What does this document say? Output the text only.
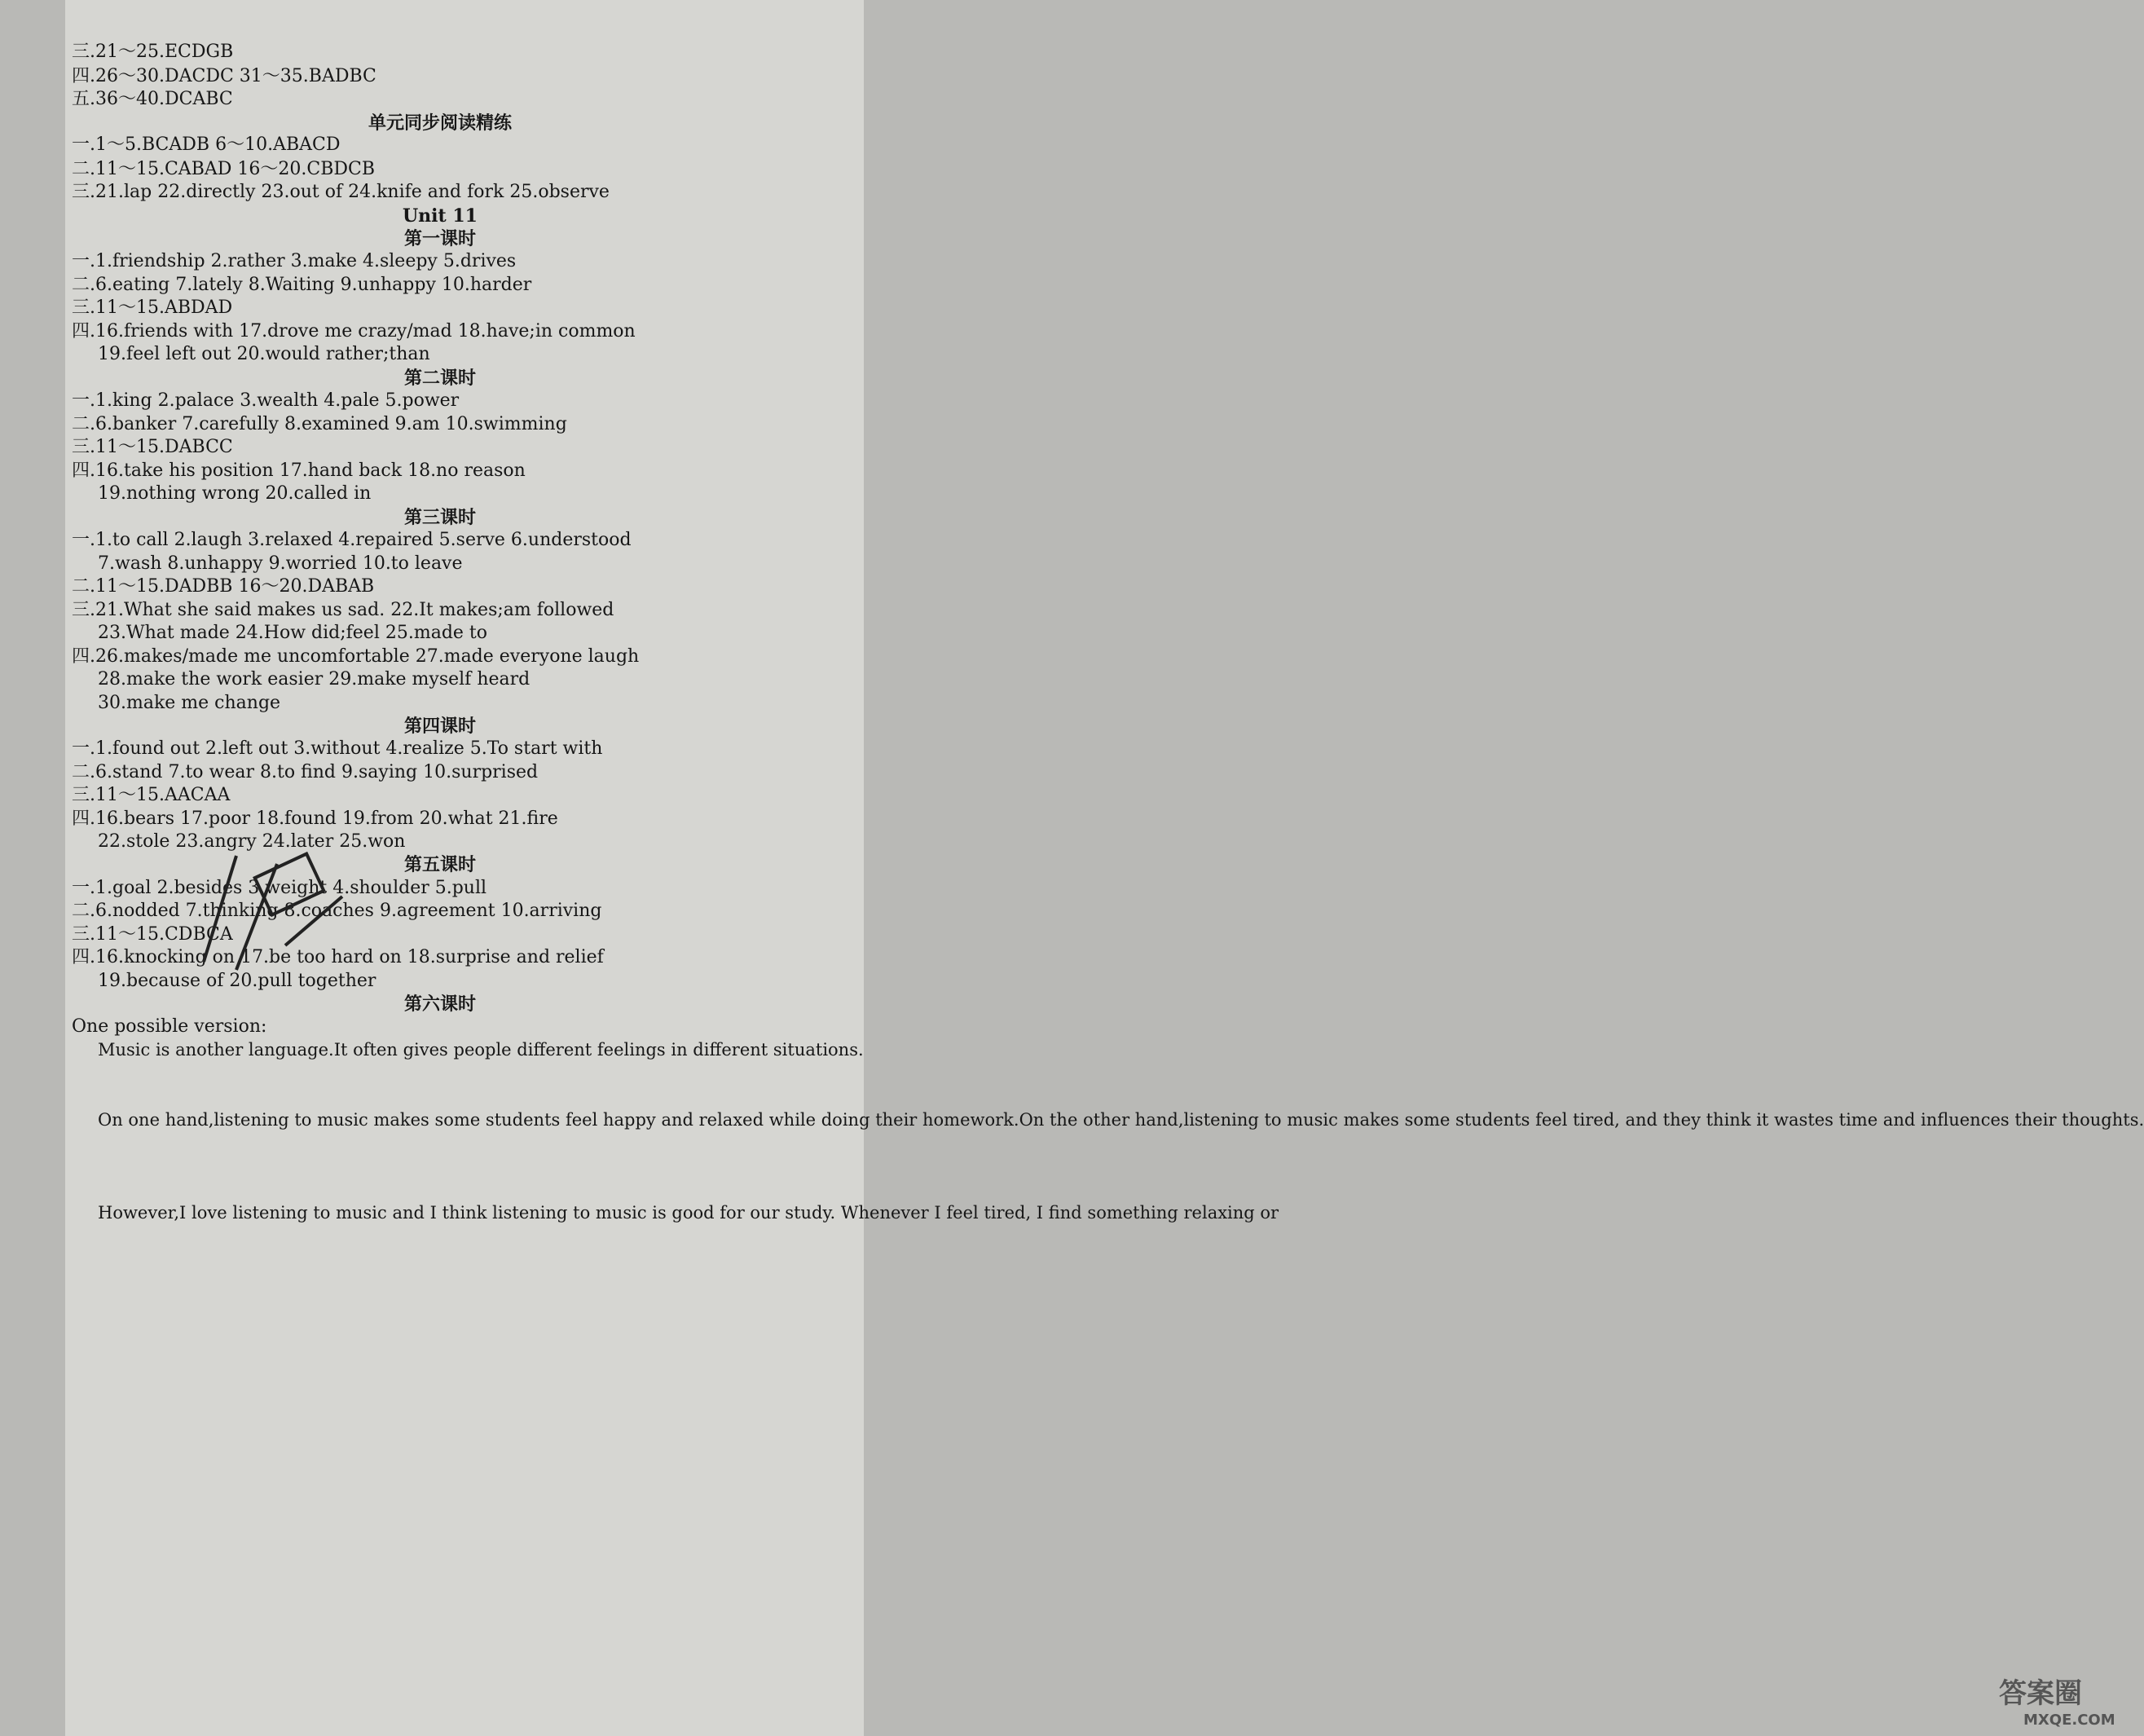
三.21～25.ECDGB
四.26～30.DACDC 31～35.BADBC
五.36～40.DCABC
单元同步阅读精练
一.1～5.BCADB 6～10.ABACD
二.11～15.CABAD 16～20.CBDCB
三.21.lap 22.directly 23.out of 24.knife and fork 25.observe
Unit 11
第一课时
一.1.friendship 2.rather 3.make 4.sleepy 5.drives
二.6.eating 7.lately 8.Waiting 9.unhappy 10.harder
三.11～15.ABDAD
四.16.friends with 17.drove me crazy/mad 18.have;in common
19.feel left out 20.would rather;than
第二课时
一.1.king 2.palace 3.wealth 4.pale 5.power
二.6.banker 7.carefully 8.examined 9.am 10.swimming
三.11～15.DABCC
四.16.take his position 17.hand back 18.no reason
19.nothing wrong 20.called in
第三课时
一.1.to call 2.laugh 3.relaxed 4.repaired 5.serve 6.understood
7.wash 8.unhappy 9.worried 10.to leave
二.11～15.DADBB 16～20.DABAB
三.21.What she said makes us sad. 22.It makes;am followed
23.What made 24.How did;feel 25.made to
四.26.makes/made me uncomfortable 27.made everyone laugh
28.make the work easier 29.make myself heard
30.make me change
第四课时
一.1.found out 2.left out 3.without 4.realize 5.To start with
二.6.stand 7.to wear 8.to find 9.saying 10.surprised
三.11～15.AACAA
四.16.bears 17.poor 18.found 19.from 20.what 21.fire
22.stole 23.angry 24.later 25.won
第五课时
一.1.goal 2.besides 3.weight 4.shoulder 5.pull
二.6.nodded 7.thinking 8.coaches 9.agreement 10.arriving
三.11～15.CDBCA
四.16.knocking on 17.be too hard on 18.surprise and relief
19.because of 20.pull together
第六课时
One possible version:
Music is another language.It often gives people different feelings in different situations.
On one hand,listening to music makes some students feel happy and relaxed while doing their homework.On the other hand,listening to music makes some students feel tired, and they think it wastes time and influences their thoughts.
However,I love listening to music and I think listening to music is good for our study. Whenever I feel tired, I find something relaxing or
答案圈
MXQE.COM
